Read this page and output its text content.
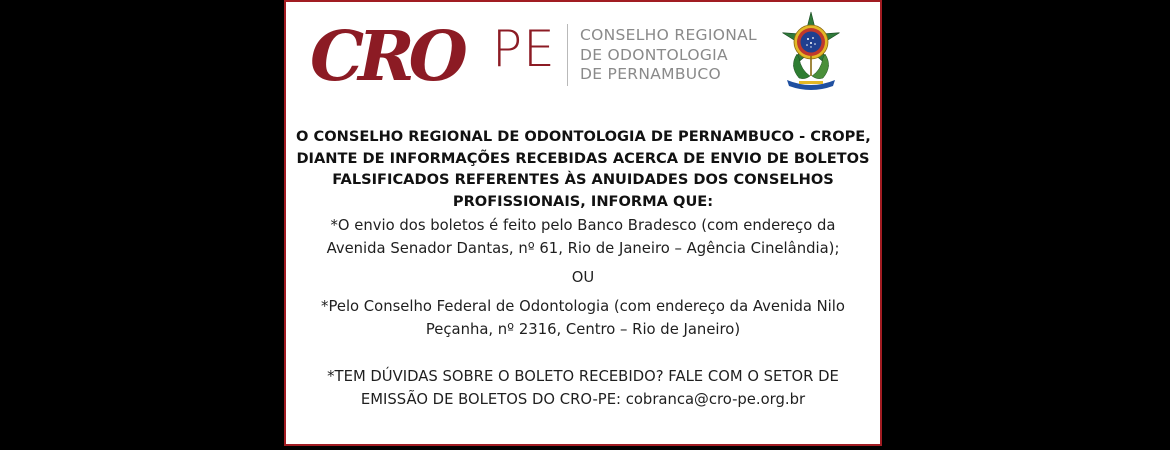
CRO PE CONSELHO REGIONAL
DE ODONTOLOGIA
DE PERNAMBUCO
O CONSELHO REGIONAL DE ODONTOLOGIA DE PERNAMBUCO - CROPE,
DIANTE DE INFORMAÇÕES RECEBIDAS ACERCA DE ENVIO DE BOLETOS
FALSIFICADOS REFERENTES ÀS ANUIDADES DOS CONSELHOS
PROFISSIONAIS, INFORMA QUE:
*O envio dos boletos é feito pelo Banco Bradesco (com endereço da
Avenida Senador Dantas, nº 61, Rio de Janeiro – Agência Cinelândia);
OU
*Pelo Conselho Federal de Odontologia (com endereço da Avenida Nilo
Peçanha, nº 2316, Centro – Rio de Janeiro)
*TEM DÚVIDAS SOBRE O BOLETO RECEBIDO? FALE COM O SETOR DE
EMISSÃO DE BOLETOS DO CRO-PE: cobranca@cro-pe.org.br
